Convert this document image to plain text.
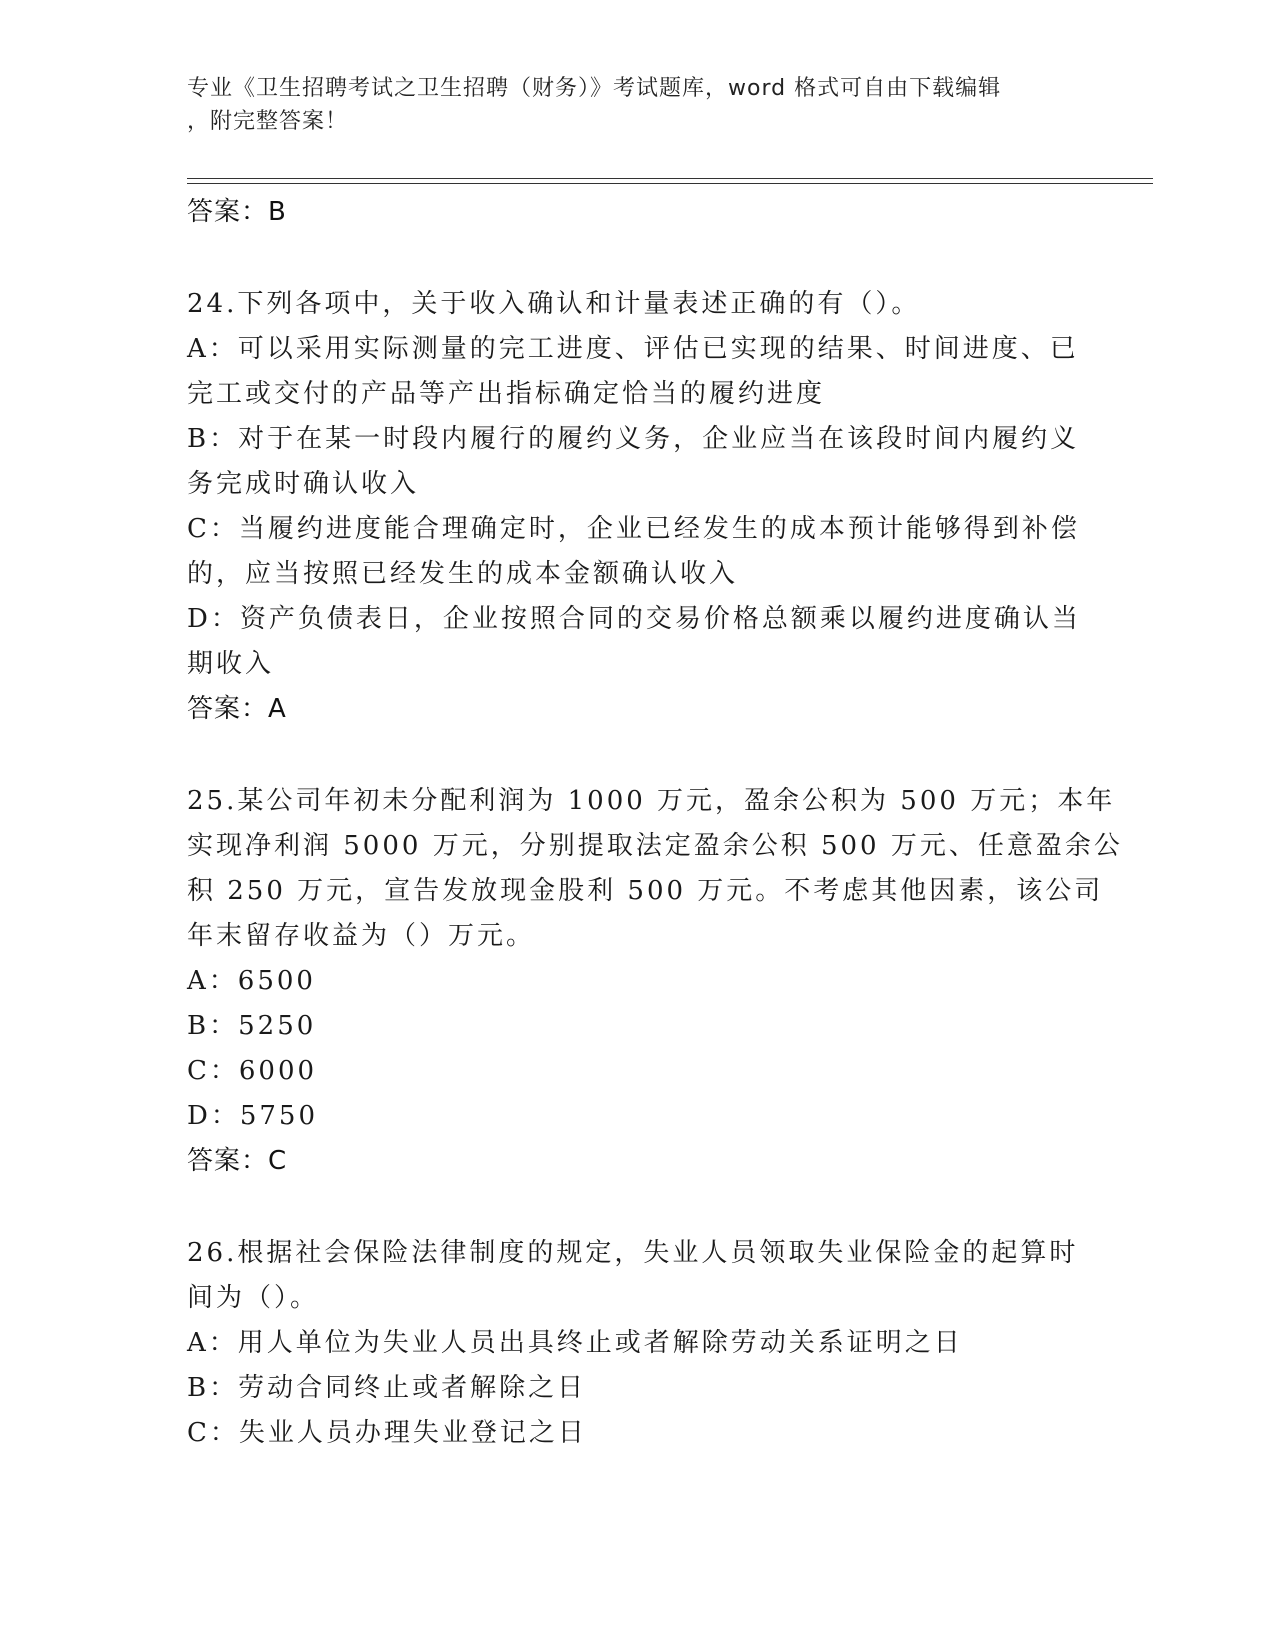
专业《卫生招聘考试之卫生招聘（财务）》考试题库，word 格式可自由下载编辑
，附完整答案！
答案：B
24.下列各项中，关于收入确认和计量表述正确的有（）。
A：可以采用实际测量的完工进度、评估已实现的结果、时间进度、已
完工或交付的产品等产出指标确定恰当的履约进度
B：对于在某一时段内履行的履约义务，企业应当在该段时间内履约义
务完成时确认收入
C：当履约进度能合理确定时，企业已经发生的成本预计能够得到补偿
的，应当按照已经发生的成本金额确认收入
D：资产负债表日，企业按照合同的交易价格总额乘以履约进度确认当
期收入
答案：A
25.某公司年初未分配利润为 1000 万元，盈余公积为 500 万元；本年
实现净利润 5000 万元，分别提取法定盈余公积 500 万元、任意盈余公
积 250 万元，宣告发放现金股利 500 万元。不考虑其他因素，该公司
年末留存收益为（）万元。
A：6500
B：5250
C：6000
D：5750
答案：C
26.根据社会保险法律制度的规定，失业人员领取失业保险金的起算时
间为（）。
A：用人单位为失业人员出具终止或者解除劳动关系证明之日
B：劳动合同终止或者解除之日
C：失业人员办理失业登记之日
